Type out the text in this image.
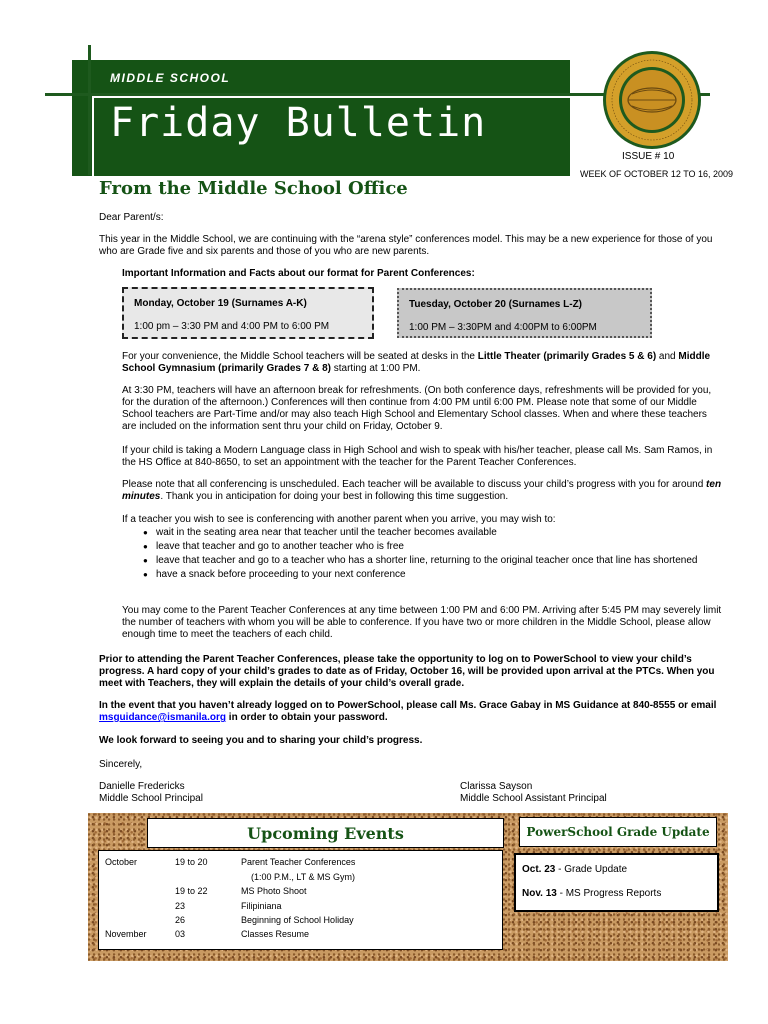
MIDDLE SCHOOL
Friday Bulletin
ISSUE # 10
WEEK OF OCTOBER 12 TO 16, 2009
From the Middle School Office
Dear Parent/s:
This year in the Middle School, we are continuing with the “arena style” conferences model. This may be a new experience for those of you who are Grade five and six parents and those of you who are new parents.
Important Information and Facts about our format for Parent Conferences:
Monday, October 19 (Surnames A-K)
1:00 pm – 3:30 PM and 4:00 PM to 6:00 PM
Tuesday, October 20 (Surnames L-Z)
1:00 PM – 3:30PM and 4:00PM to 6:00PM
For your convenience, the Middle School teachers will be seated at desks in the Little Theater (primarily Grades 5 & 6) and Middle School Gymnasium (primarily Grades 7 & 8) starting at 1:00 PM.
At 3:30 PM, teachers will have an afternoon break for refreshments. (On both conference days, refreshments will be provided for you, for the duration of the afternoon.) Conferences will then continue from 4:00 PM until 6:00 PM. Please note that some of our Middle School teachers are Part-Time and/or may also teach High School and Elementary School classes. When and where these teachers are included on the information sent thru your child on Friday, October 9.
If your child is taking a Modern Language class in High School and wish to speak with his/her teacher, please call Ms. Sam Ramos, in the HS Office at 840-8650, to set an appointment with the teacher for the Parent Teacher Conferences.
Please note that all conferencing is unscheduled. Each teacher will be available to discuss your child’s progress with you for around ten minutes. Thank you in anticipation for doing your best in following this time suggestion.
If a teacher you wish to see is conferencing with another parent when you arrive, you may wish to:
● wait in the seating area near that teacher until the teacher becomes available
● leave that teacher and go to another teacher who is free
● leave that teacher and go to a teacher who has a shorter line, returning to the original teacher once that line has shortened
● have a snack before proceeding to your next conference
You may come to the Parent Teacher Conferences at any time between 1:00 PM and 6:00 PM. Arriving after 5:45 PM may severely limit the number of teachers with whom you will be able to conference. If you have two or more children in the Middle School, please allow enough time to meet the teachers of each child.
Prior to attending the Parent Teacher Conferences, please take the opportunity to log on to PowerSchool to view your child’s progress. A hard copy of your child’s grades to date as of Friday, October 16, will be provided upon arrival at the PTCs. When you meet with Teachers, they will explain the details of your child’s overall grade.
In the event that you haven’t already logged on to PowerSchool, please call Ms. Grace Gabay in MS Guidance at 840-8555 or email msguidance@ismanila.org in order to obtain your password.
We look forward to seeing you and to sharing your child’s progress.
Sincerely,
Danielle Fredericks
Middle School Principal
Clarissa Sayson
Middle School Assistant Principal
Upcoming Events
October	19 to 20	Parent Teacher Conferences
(1:00 P.M., LT & MS Gym)
19 to 22	MS Photo Shoot
23	Filipiniana
26	Beginning of School Holiday
November	03	Classes Resume
PowerSchool Grade Update
Oct. 23 - Grade Update
Nov. 13 - MS Progress Reports
